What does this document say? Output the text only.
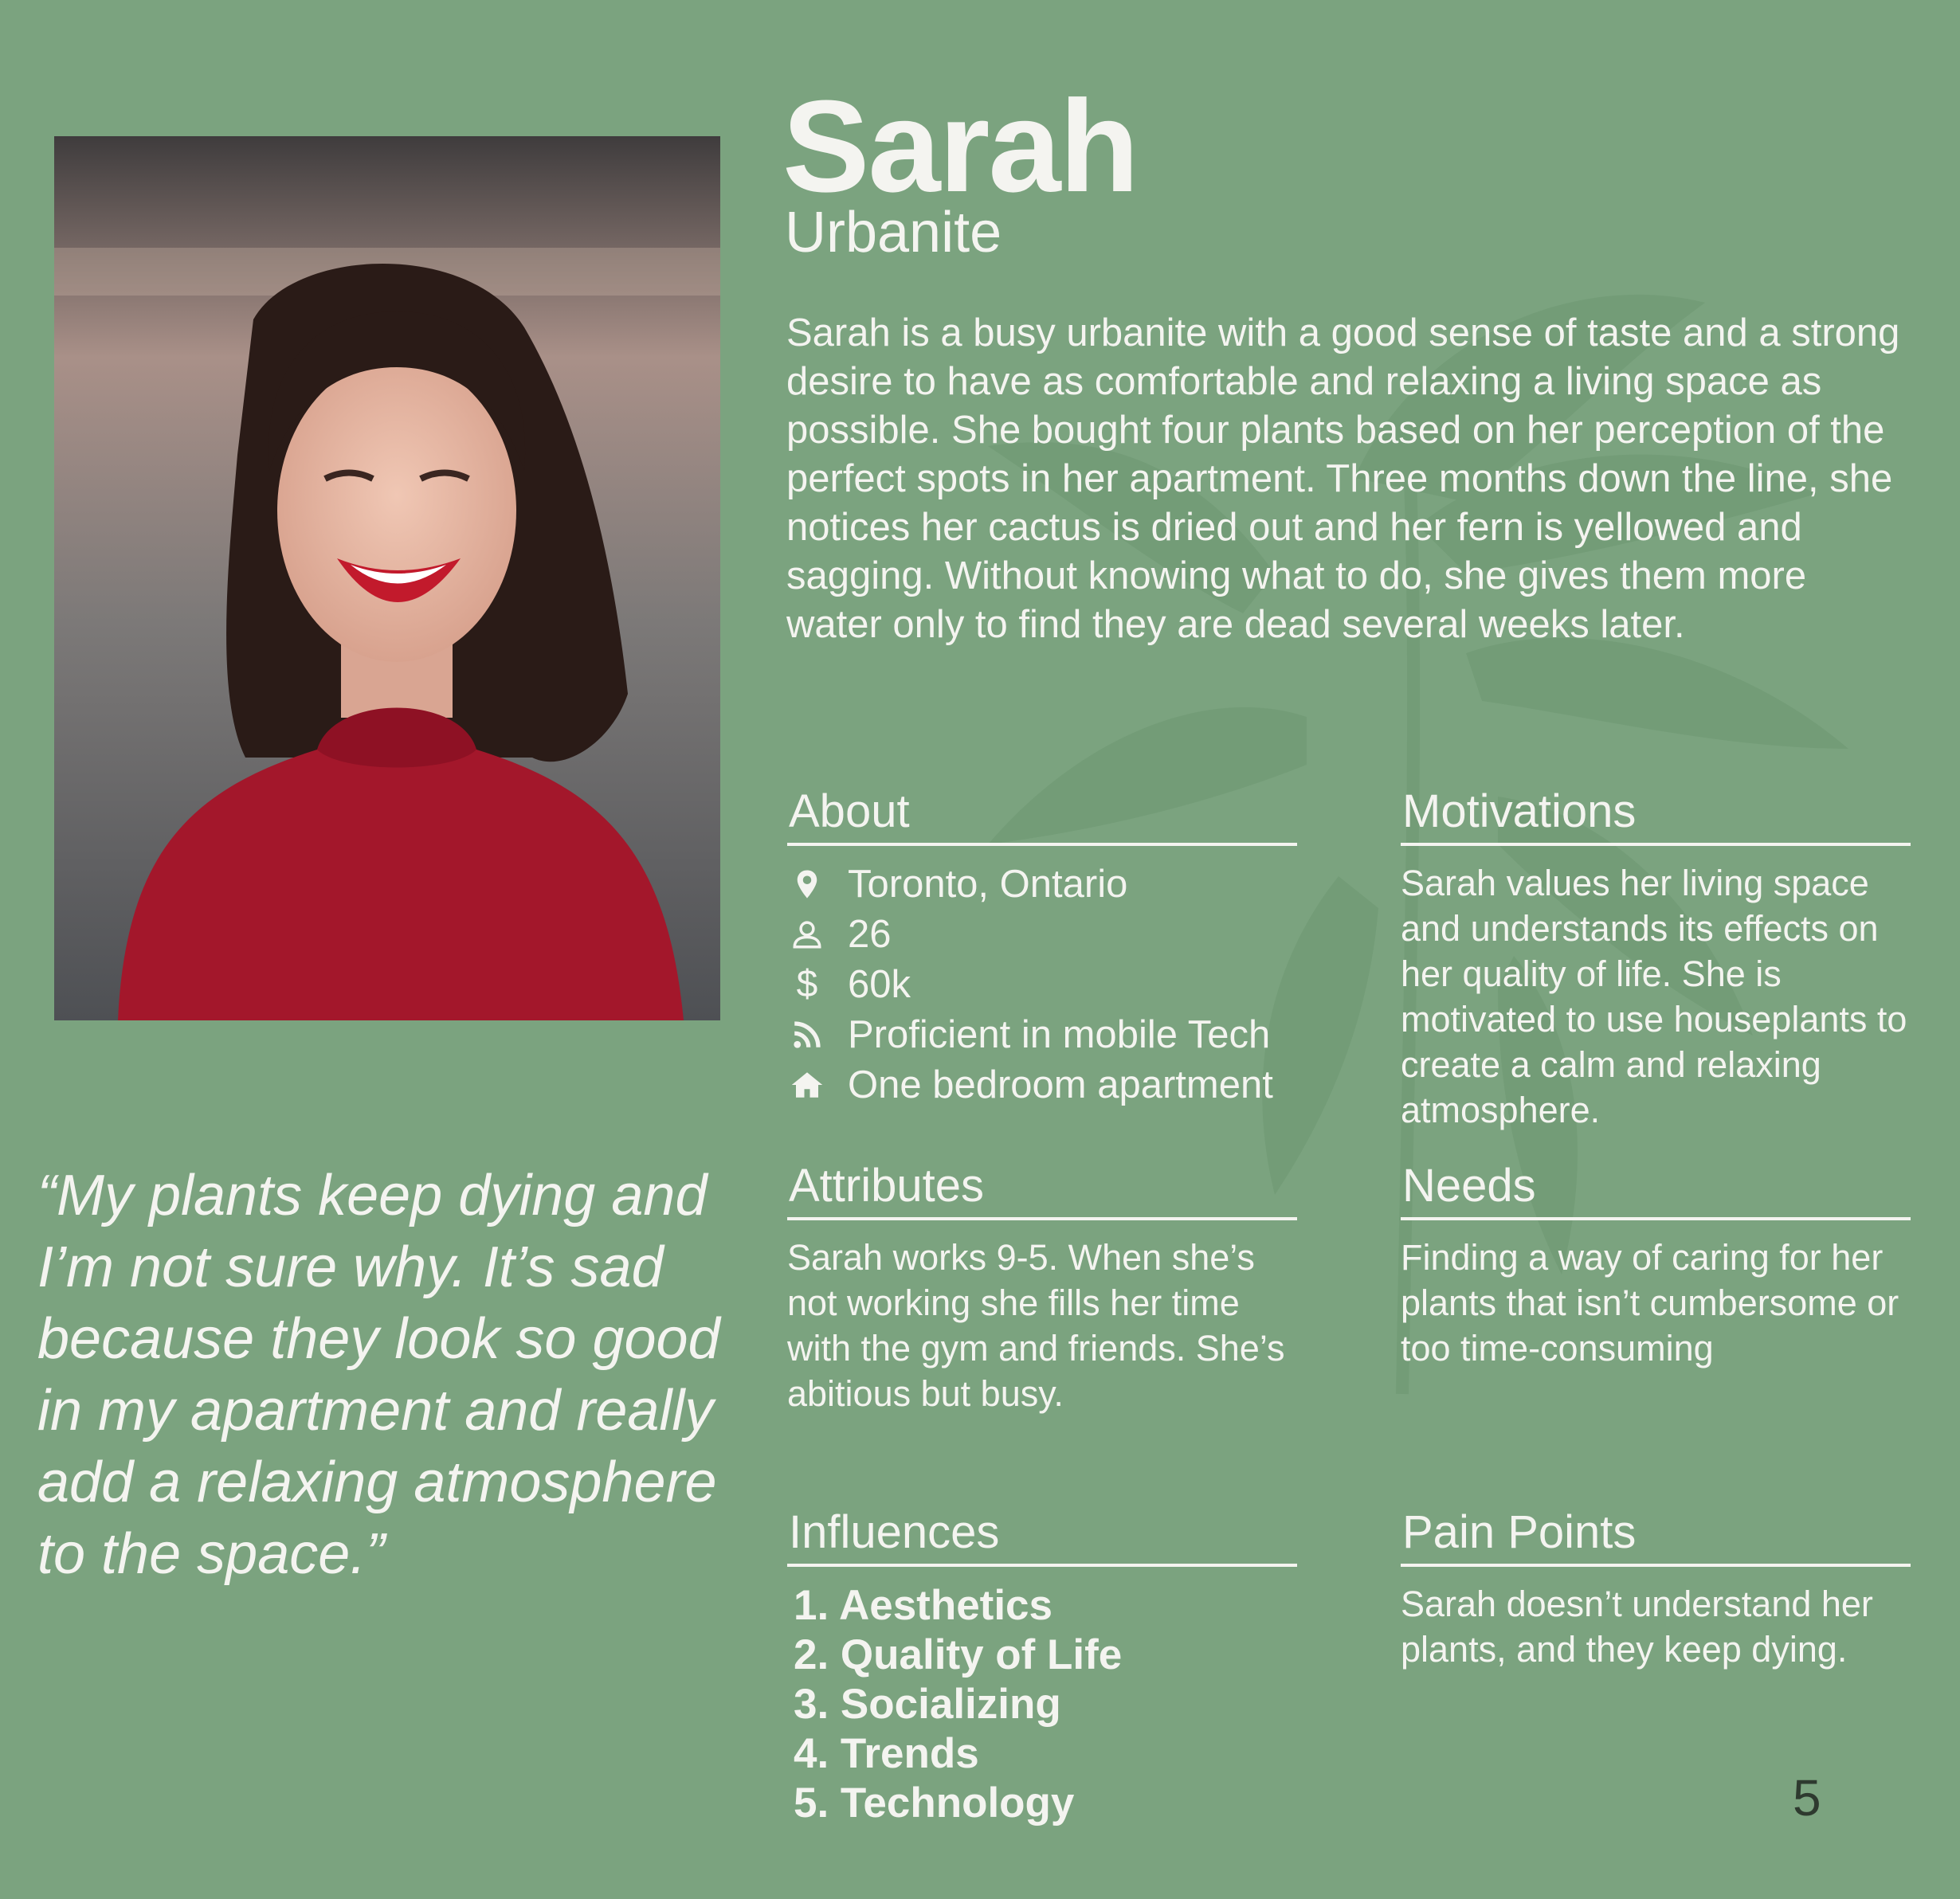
Sarah
Urbanite

Sarah is a busy urbanite with a good sense of taste and a strong desire to have as comfortable and relaxing a living space as possible. She bought four plants based on her perception of the perfect spots in her apartment. Three months down the line, she notices her cactus is dried out and her fern is yellowed and sagging. Without knowing what to do, she gives them more water only to find they are dead several weeks later.

“My plants keep dying and I’m not sure why. It’s sad because they look so good in my apartment and really add a relaxing atmosphere to the space.”

About
Toronto, Ontario
26
$ 60k
Proficient in mobile Tech
One bedroom apartment
Motivations
Sarah values her living space and understands its effects on her quality of life. She is motivated to use houseplants to create a calm and relaxing atmosphere.
Attributes
Sarah works 9-5. When she’s not working she fills her time with the gym and friends. She’s abitious but busy.
Needs
Finding a way of caring for her plants that isn’t cumbersome or too time-consuming
Influences
1. Aesthetics
2. Quality of Life
3. Socializing
4. Trends
5. Technology
Pain Points
Sarah doesn’t understand her plants, and they keep dying.
5
